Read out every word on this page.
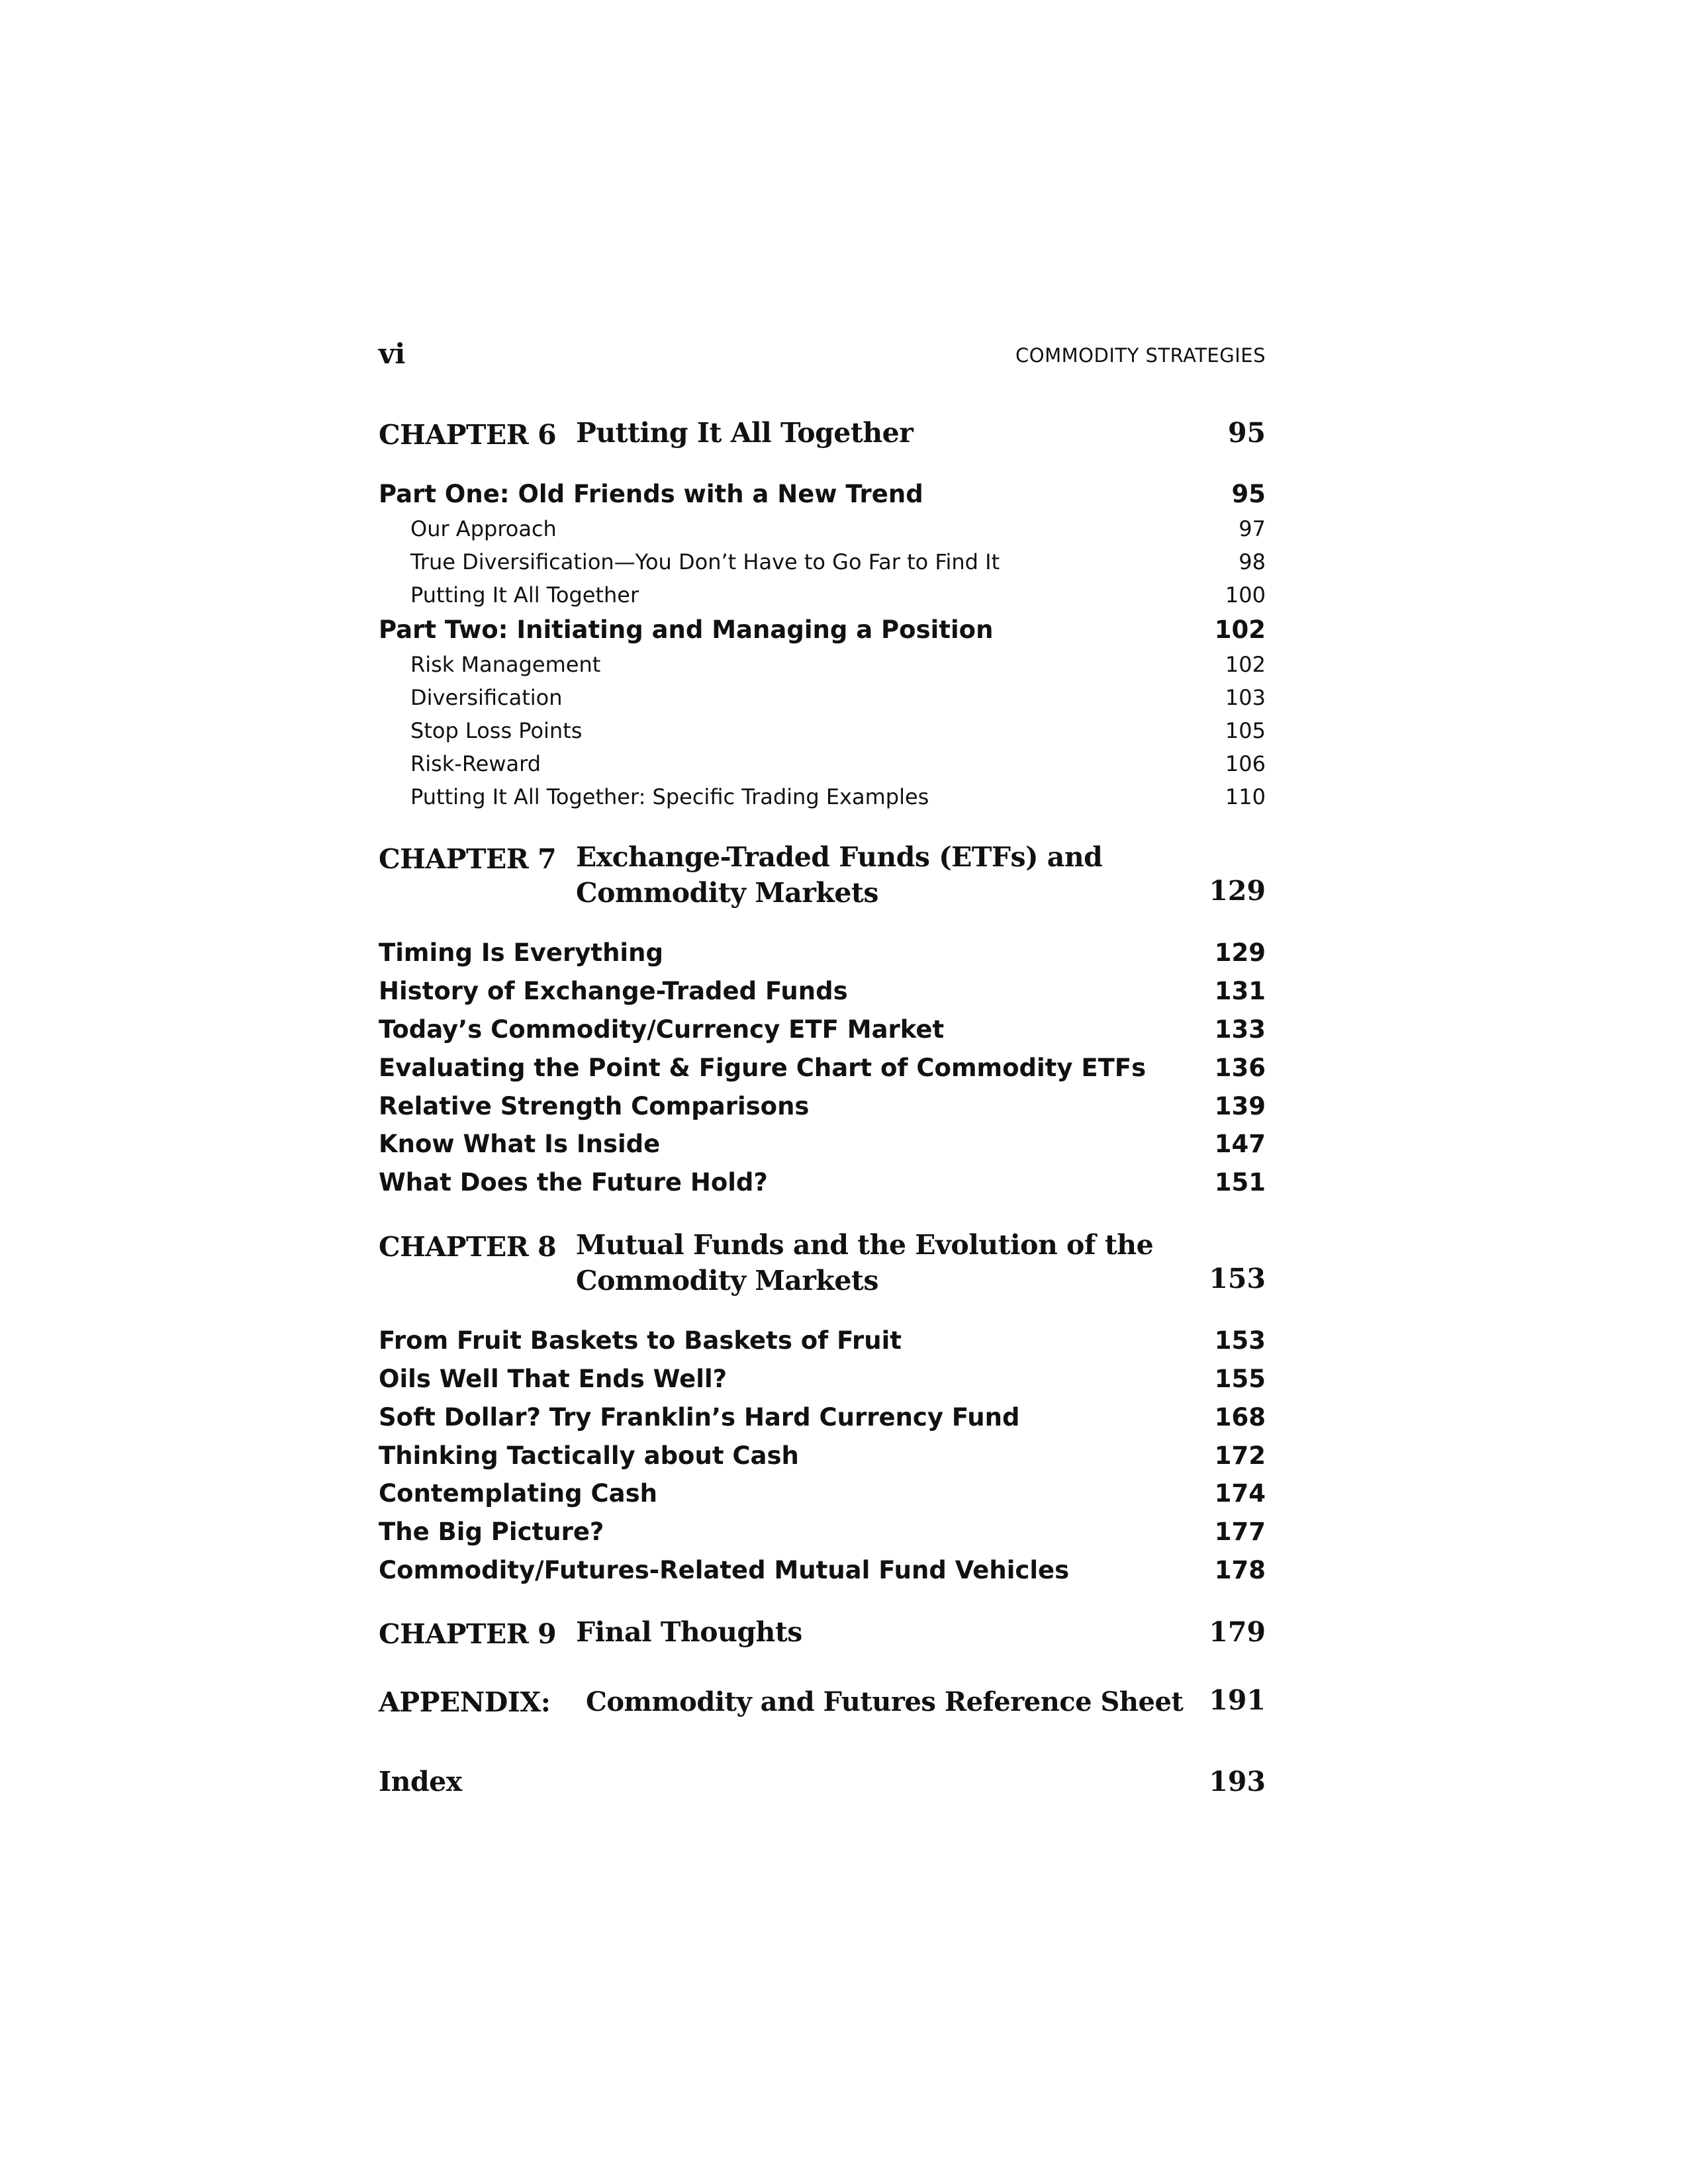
vi	COMMODITY STRATEGIES
CHAPTER 6 Putting It All Together	95
Part One: Old Friends with a New Trend	95
Our Approach	97
True Diversification—You Don’t Have to Go Far to Find It	98
Putting It All Together	100
Part Two: Initiating and Managing a Position	102
Risk Management	102
Diversification	103
Stop Loss Points	105
Risk-Reward	106
Putting It All Together: Specific Trading Examples	110
CHAPTER 7 Exchange-Traded Funds (ETFs) and
Commodity Markets	129
Timing Is Everything	129
History of Exchange-Traded Funds	131
Today’s Commodity/Currency ETF Market	133
Evaluating the Point & Figure Chart of Commodity ETFs	136
Relative Strength Comparisons	139
Know What Is Inside	147
What Does the Future Hold?	151
CHAPTER 8 Mutual Funds and the Evolution of the
Commodity Markets	153
From Fruit Baskets to Baskets of Fruit	153
Oils Well That Ends Well?	155
Soft Dollar? Try Franklin’s Hard Currency Fund	168
Thinking Tactically about Cash	172
Contemplating Cash	174
The Big Picture?	177
Commodity/Futures-Related Mutual Fund Vehicles	178
CHAPTER 9 Final Thoughts	179
APPENDIX: Commodity and Futures Reference Sheet 191
Index	193
